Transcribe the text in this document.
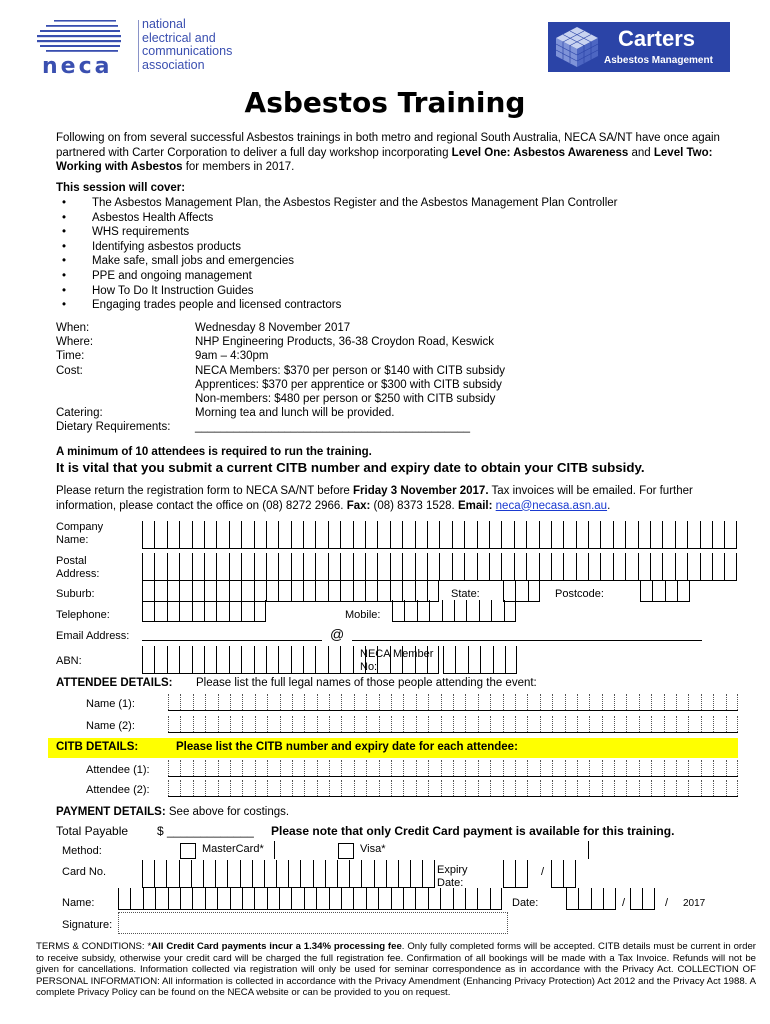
neca
national
electrical and
communications
association
Carters
Asbestos Management
Asbestos Training
Following on from several successful Asbestos trainings in both metro and regional South Australia, NECA SA/NT have once again partnered with Carter Corporation to deliver a full day workshop incorporating Level One: Asbestos Awareness and Level Two: Working with Asbestos for members in 2017.
This session will cover:
• The Asbestos Management Plan, the Asbestos Register and the Asbestos Management Plan Controller
• Asbestos Health Affects
• WHS requirements
• Identifying asbestos products
• Make safe, small jobs and emergencies
• PPE and ongoing management
• How To Do It Instruction Guides
• Engaging trades people and licensed contractors
When:	Wednesday 8 November 2017
Where:	NHP Engineering Products, 36-38 Croydon Road, Keswick
Time:	9am – 4:30pm
Cost:	NECA Members: $370 per person or $140 with CITB subsidy
Apprentices: $370 per apprentice or $300 with CITB subsidy
Non-members: $480 per person or $250 with CITB subsidy
Catering:	Morning tea and lunch will be provided.
Dietary Requirements:	___________________________________________
A minimum of 10 attendees is required to run the training.
It is vital that you submit a current CITB number and expiry date to obtain your CITB subsidy.
Please return the registration form to NECA SA/NT before Friday 3 November 2017. Tax invoices will be emailed. For further information, please contact the office on (08) 8272 2966. Fax: (08) 8373 1528. Email: neca@necasa.asn.au.
Company
Name:
Postal
Address:
Suburb:	State:	Postcode:
Telephone:	Mobile:
Email Address:	@
ABN:
NECA Member
No:
ATTENDEE DETAILS: Please list the full legal names of those people attending the event:
Name (1):
Name (2):
CITB DETAILS:	Please list the CITB number and expiry date for each attendee:
Attendee (1):
Attendee (2):
PAYMENT DETAILS: See above for costings.
Total Payable $ _____________ Please note that only Credit Card payment is available for this training.
Method:	MasterCard*	Visa*
Card No.	Expiry
Date:
/
Name:	Date:	/	/ 2017
Signature:
TERMS & CONDITIONS: *All Credit Card payments incur a 1.34% processing fee. Only fully completed forms will be accepted. CITB details must be current in order to receive subsidy, otherwise your credit card will be charged the full registration fee. Confirmation of all bookings will be made with a Tax Invoice. Refunds will not be given for cancellations. Information collected via registration will only be used for seminar correspondence as in accordance with the Privacy Act. COLLECTION OF PERSONAL INFORMATION: All information is collected in accordance with the Privacy Amendment (Enhancing Privacy Protection) Act 2012 and the Privacy Act 1988. A complete Privacy Policy can be found on the NECA website or can be provided to you on request.
